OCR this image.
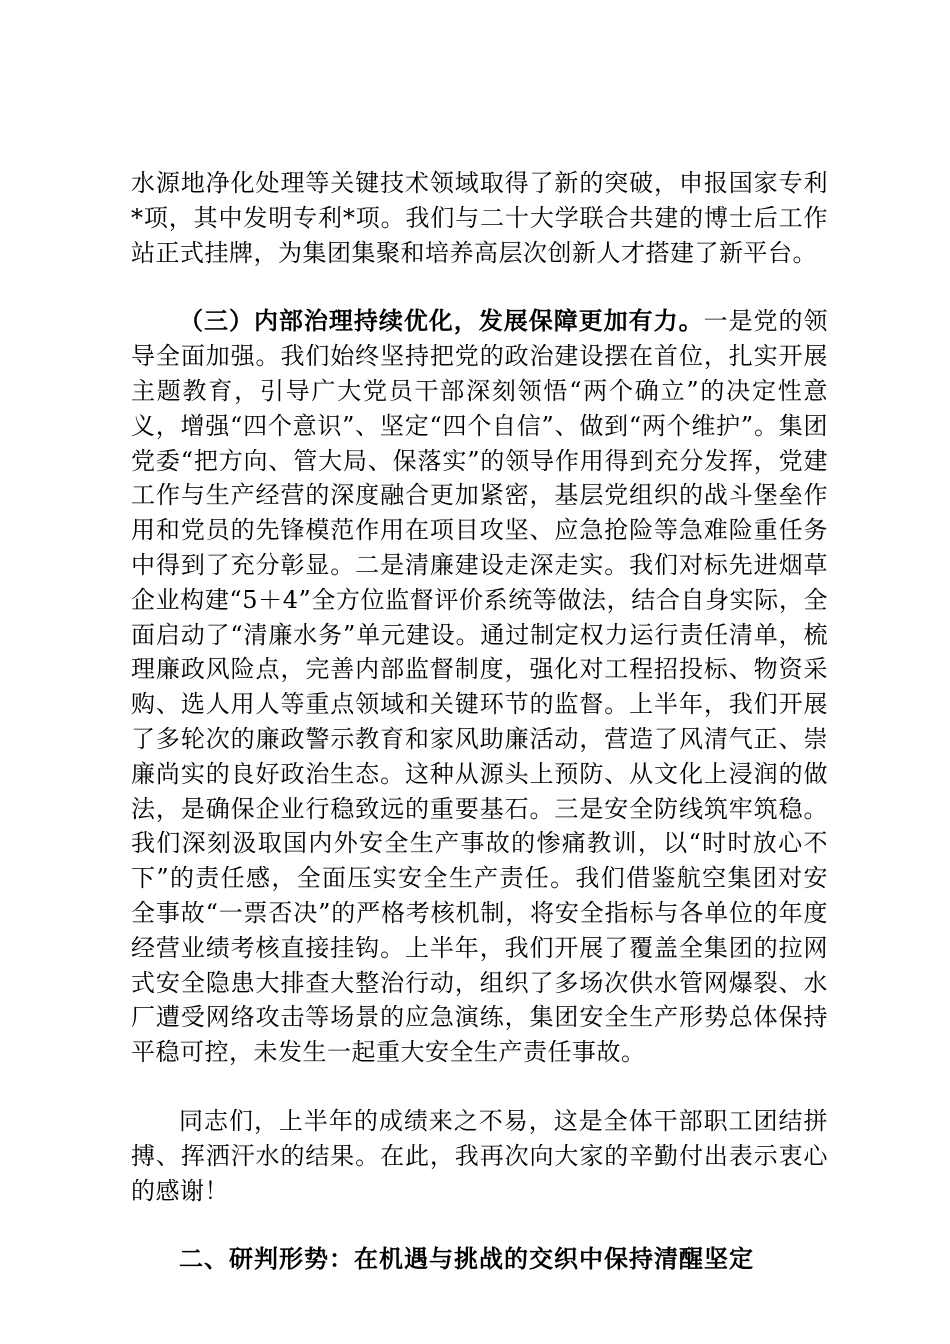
水源地净化处理等关键技术领域取得了新的突破，申报国家专利*项，其中发明专利*项。我们与二十大学联合共建的博士后工作站正式挂牌，为集团集聚和培养高层次创新人才搭建了新平台。

（三）内部治理持续优化，发展保障更加有力。一是党的领导全面加强。我们始终坚持把党的政治建设摆在首位，扎实开展主题教育，引导广大党员干部深刻领悟“两个确立”的决定性意义，增强“四个意识”、坚定“四个自信”、做到“两个维护”。集团党委“把方向、管大局、保落实”的领导作用得到充分发挥，党建工作与生产经营的深度融合更加紧密，基层党组织的战斗堡垒作用和党员的先锋模范作用在项目攻坚、应急抢险等急难险重任务中得到了充分彰显。二是清廉建设走深走实。我们对标先进烟草企业构建“5＋4”全方位监督评价系统等做法，结合自身实际，全面启动了“清廉水务”单元建设。通过制定权力运行责任清单，梳理廉政风险点，完善内部监督制度，强化对工程招投标、物资采购、选人用人等重点领域和关键环节的监督。上半年，我们开展了多轮次的廉政警示教育和家风助廉活动，营造了风清气正、崇廉尚实的良好政治生态。这种从源头上预防、从文化上浸润的做法，是确保企业行稳致远的重要基石。三是安全防线筑牢筑稳。我们深刻汲取国内外安全生产事故的惨痛教训，以“时时放心不下”的责任感，全面压实安全生产责任。我们借鉴航空集团对安全事故“一票否决”的严格考核机制，将安全指标与各单位的年度经营业绩考核直接挂钩。上半年，我们开展了覆盖全集团的拉网式安全隐患大排查大整治行动，组织了多场次供水管网爆裂、水厂遭受网络攻击等场景的应急演练，集团安全生产形势总体保持平稳可控，未发生一起重大安全生产责任事故。

同志们，上半年的成绩来之不易，这是全体干部职工团结拼搏、挥洒汗水的结果。在此，我再次向大家的辛勤付出表示衷心的感谢！

二、研判形势：在机遇与挑战的交织中保持清醒坚定
